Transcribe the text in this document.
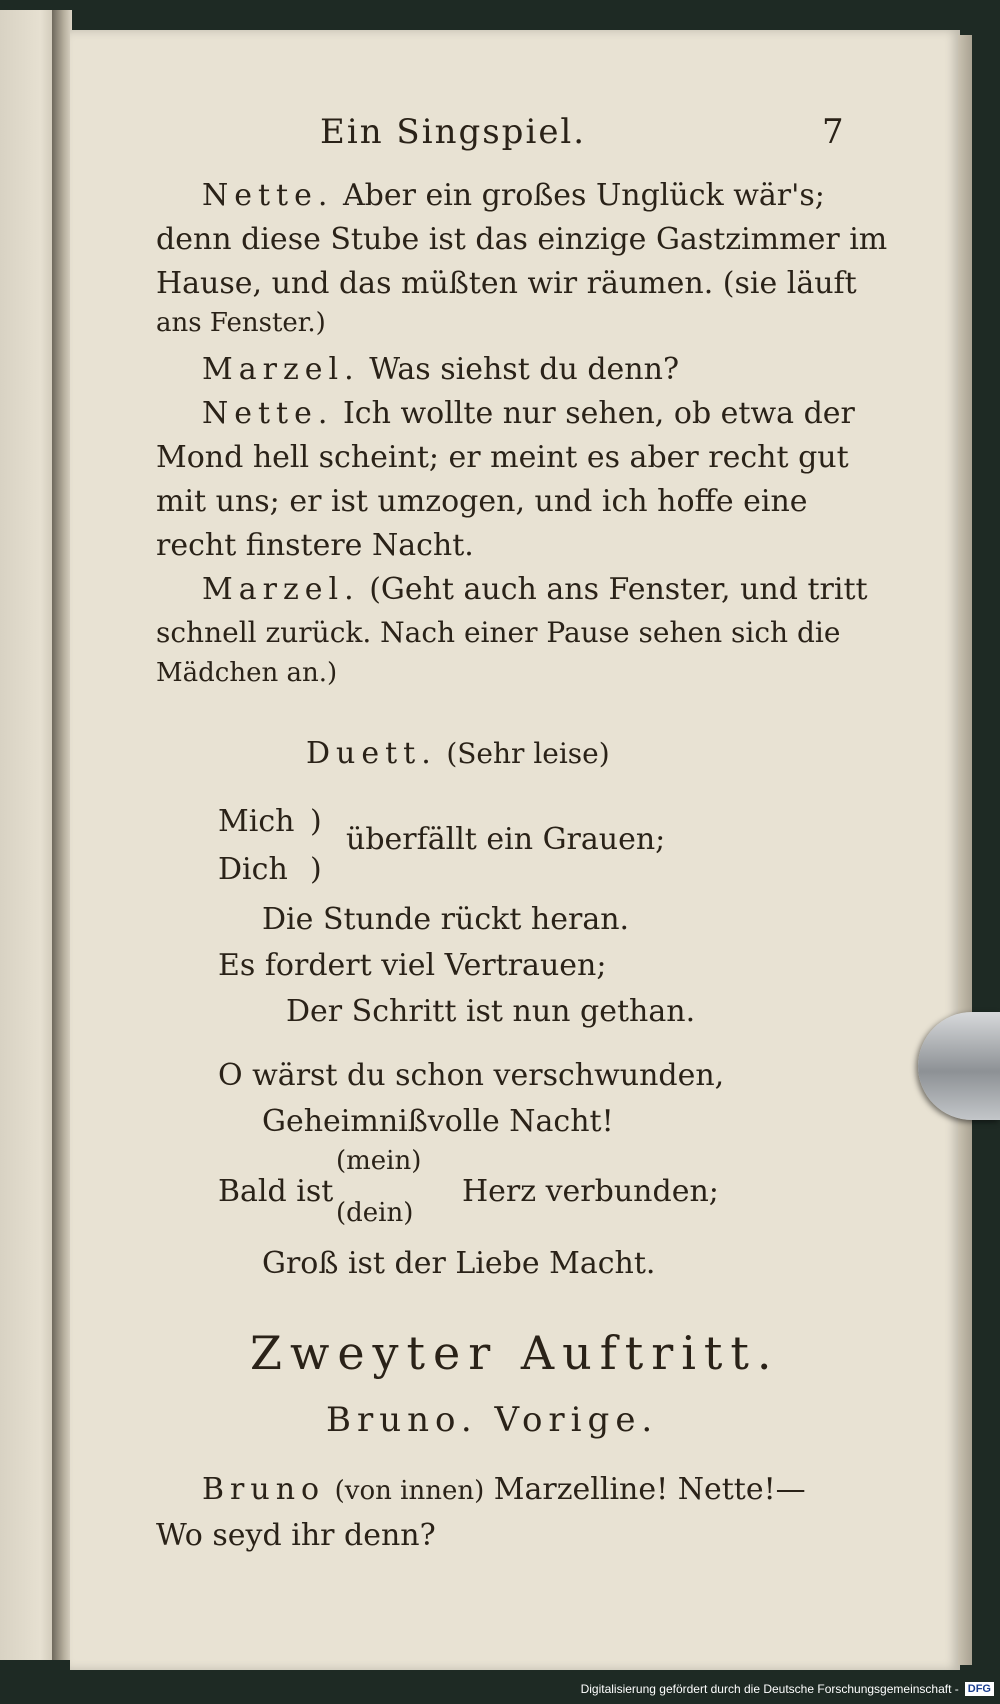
Ein Singspiel.	7
Nette. Aber ein großes Unglück wär's;
denn diese Stube ist das einzige Gastzimmer im
Hause, und das müßten wir räumen. (sie läuft
ans Fenster.)
Marzel. Was siehst du denn?
Nette. Ich wollte nur sehen, ob etwa der
Mond hell scheint; er meint es aber recht gut
mit uns; er ist umzogen, und ich hoffe eine
recht finstere Nacht.
Marzel. (Geht auch ans Fenster, und tritt
schnell zurück. Nach einer Pause sehen sich die
Mädchen an.)
Duett. (Sehr leise)
Mich )
überfällt ein Grauen;
Dich )
Die Stunde rückt heran.
Es fordert viel Vertrauen;
Der Schritt ist nun gethan.
O wärst du schon verschwunden,
Geheimnißvolle Nacht!
Bald ist
(mein)
(dein)
Herz verbunden;
Groß ist der Liebe Macht.
Zweyter Auftritt.
Bruno. Vorige.
Bruno (von innen) Marzelline! Nette!—
Wo seyd ihr denn?
Digitalisierung gefördert durch die Deutsche Forschungsgemeinschaft - DFG
